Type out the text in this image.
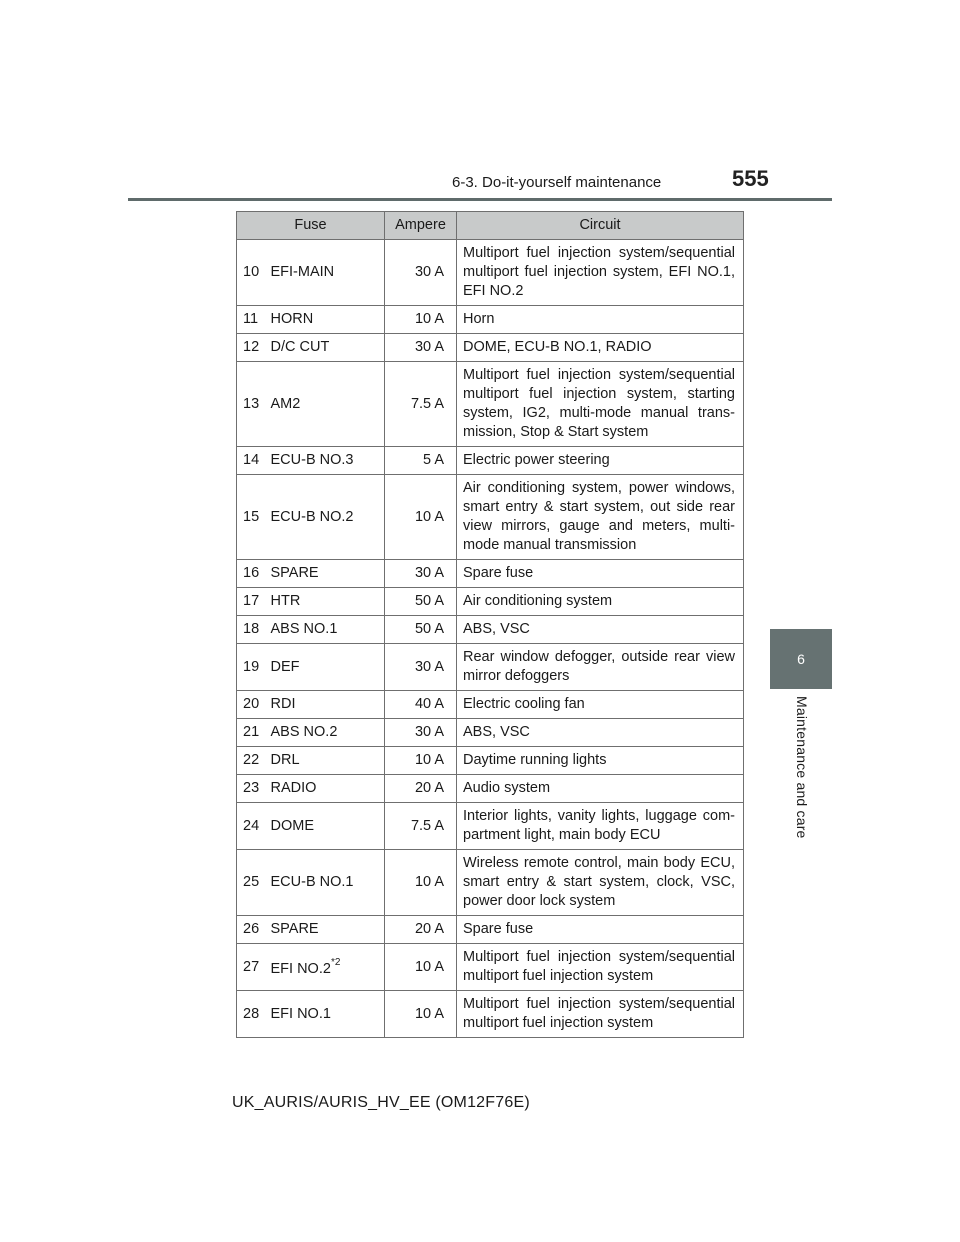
6-3. Do-it-yourself maintenance	555
6
Maintenance and care
Fuse		Ampere	Circuit
10	EFI-MAIN	30 A	Multiport fuel injection system/sequential multiport fuel injection system, EFI NO.1, EFI NO.2
11	HORN	10 A	Horn
12	D/C CUT	30 A	DOME, ECU-B NO.1, RADIO
13	AM2	7.5 A	Multiport fuel injection system/sequential multiport fuel injection system, starting system, IG2, multi-mode manual trans-mission, Stop & Start system
14	ECU-B NO.3	5 A	Electric power steering
15	ECU-B NO.2	10 A	Air conditioning system, power windows, smart entry & start system, out side rear view mirrors, gauge and meters, multi-mode manual transmission
16	SPARE	30 A	Spare fuse
17	HTR	50 A	Air conditioning system
18	ABS NO.1	50 A	ABS, VSC
19	DEF	30 A	Rear window defogger, outside rear view mirror defoggers
20	RDI	40 A	Electric cooling fan
21	ABS NO.2	30 A	ABS, VSC
22	DRL	10 A	Daytime running lights
23	RADIO	20 A	Audio system
24	DOME	7.5 A	Interior lights, vanity lights, luggage com-partment light, main body ECU
25	ECU-B NO.1	10 A	Wireless remote control, main body ECU, smart entry & start system, clock, VSC, power door lock system
26	SPARE	20 A	Spare fuse
27	EFI NO.2$^{*2}$	10 A	Multiport fuel injection system/sequential multiport fuel injection system
28	EFI NO.1	10 A	Multiport fuel injection system/sequential multiport fuel injection system
UK_AURIS/AURIS_HV_EE (OM12F76E)
